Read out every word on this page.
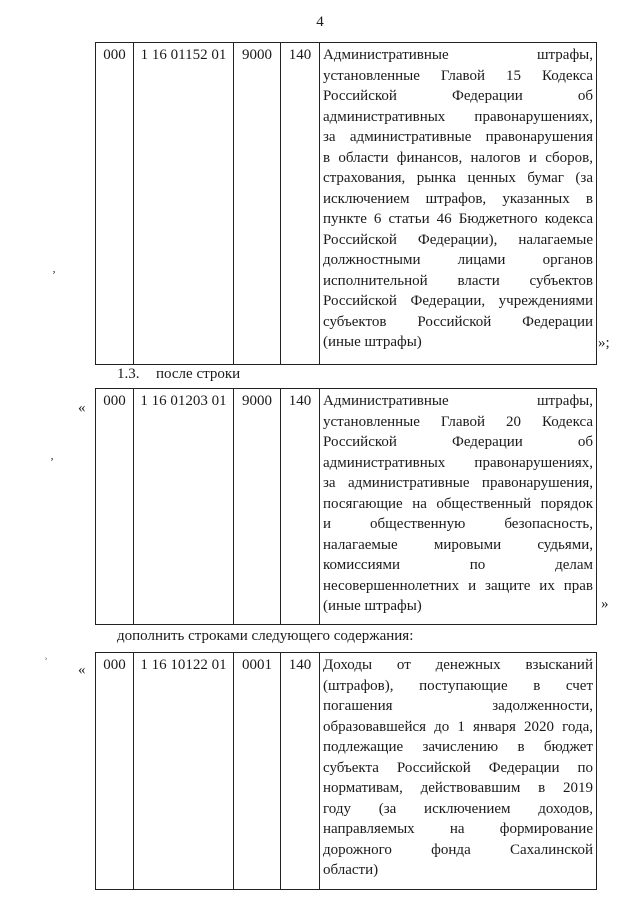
4
000	1 16 01152 01	9000	140	Административные штрафы,
установленные Главой 15 Кодекса
Российской Федерации об
административных правонарушениях,
за административные правонарушения
в области финансов, налогов и сборов,
страхования, рынка ценных бумаг (за
исключением штрафов, указанных в
пункте 6 статьи 46 Бюджетного кодекса
Российской Федерации), налагаемые
должностными лицами органов
исполнительной власти субъектов
Российской Федерации, учреждениями
субъектов Российской Федерации
(иные штрафы)	»;
1.3. после строки
« 000	1 16 01203 01	9000	140	Административные штрафы,
установленные Главой 20 Кодекса
Российской Федерации об
административных правонарушениях,
за административные правонарушения,
посягающие на общественный порядок
и общественную безопасность,
налагаемые мировыми судьями,
комиссиями по делам
несовершеннолетних и защите их прав
(иные штрафы)	»
дополнить строками следующего содержания:
« 000	1 16 10122 01	0001	140	Доходы от денежных взысканий
(штрафов), поступающие в счет
погашения задолженности,
образовавшейся до 1 января 2020 года,
подлежащие зачислению в бюджет
субъекта Российской Федерации по
нормативам, действовавшим в 2019
году (за исключением доходов,
направляемых на формирование
дорожного фонда Сахалинской
области)
ʼ
ʼ
ʾ
